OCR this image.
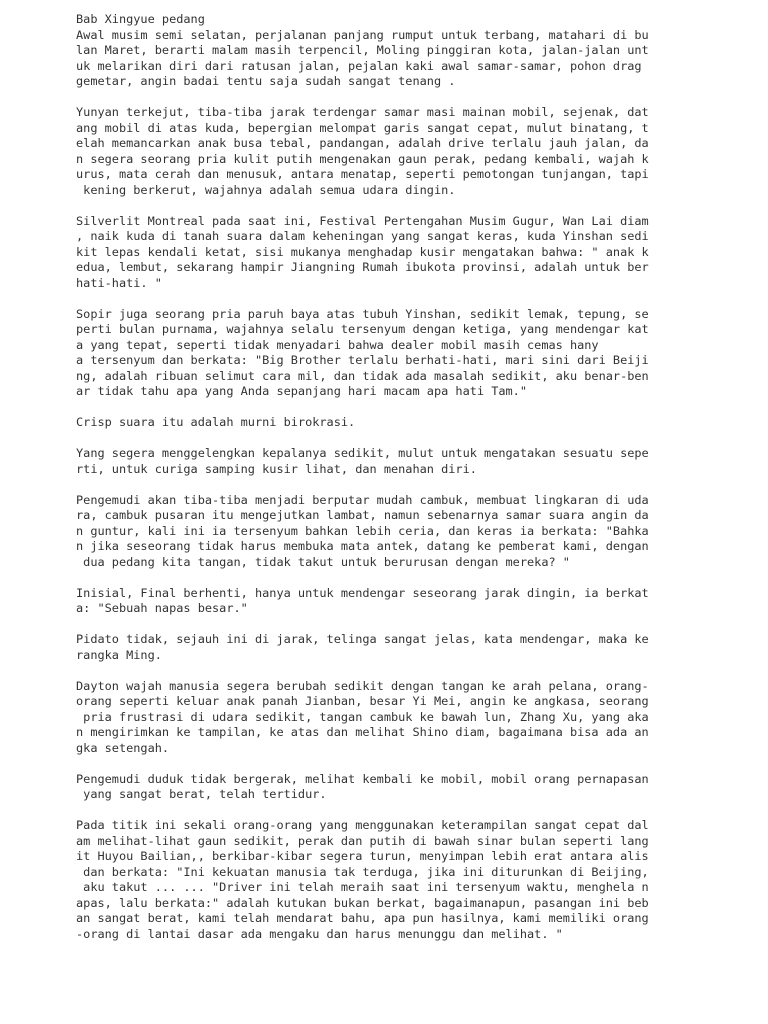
Bab Xingyue pedang
Awal musim semi selatan, perjalanan panjang rumput untuk terbang, matahari di bu
lan Maret, berarti malam masih terpencil, Moling pinggiran kota, jalan-jalan unt
uk melarikan diri dari ratusan jalan, pejalan kaki awal samar-samar, pohon drag
gemetar, angin badai tentu saja sudah sangat tenang .
Yunyan terkejut, tiba-tiba jarak terdengar samar masi mainan mobil, sejenak, dat
ang mobil di atas kuda, bepergian melompat garis sangat cepat, mulut binatang, t
elah memancarkan anak busa tebal, pandangan, adalah drive terlalu jauh jalan, da
n segera seorang pria kulit putih mengenakan gaun perak, pedang kembali, wajah k
urus, mata cerah dan menusuk, antara menatap, seperti pemotongan tunjangan, tapi
kening berkerut, wajahnya adalah semua udara dingin.
Silverlit Montreal pada saat ini, Festival Pertengahan Musim Gugur, Wan Lai diam
, naik kuda di tanah suara dalam keheningan yang sangat keras, kuda Yinshan sedi
kit lepas kendali ketat, sisi mukanya menghadap kusir mengatakan bahwa: " anak k
edua, lembut, sekarang hampir Jiangning Rumah ibukota provinsi, adalah untuk ber
hati-hati. "
Sopir juga seorang pria paruh baya atas tubuh Yinshan, sedikit lemak, tepung, se
perti bulan purnama, wajahnya selalu tersenyum dengan ketiga, yang mendengar kat
a yang tepat, seperti tidak menyadari bahwa dealer mobil masih cemas hany
a tersenyum dan berkata: "Big Brother terlalu berhati-hati, mari sini dari Beiji
ng, adalah ribuan selimut cara mil, dan tidak ada masalah sedikit, aku benar-ben
ar tidak tahu apa yang Anda sepanjang hari macam apa hati Tam."
Crisp suara itu adalah murni birokrasi.
Yang segera menggelengkan kepalanya sedikit, mulut untuk mengatakan sesuatu sepe
rti, untuk curiga samping kusir lihat, dan menahan diri.
Pengemudi akan tiba-tiba menjadi berputar mudah cambuk, membuat lingkaran di uda
ra, cambuk pusaran itu mengejutkan lambat, namun sebenarnya samar suara angin da
n guntur, kali ini ia tersenyum bahkan lebih ceria, dan keras ia berkata: "Bahka
n jika seseorang tidak harus membuka mata antek, datang ke pemberat kami, dengan
dua pedang kita tangan, tidak takut untuk berurusan dengan mereka? "
Inisial, Final berhenti, hanya untuk mendengar seseorang jarak dingin, ia berkat
a: "Sebuah napas besar."
Pidato tidak, sejauh ini di jarak, telinga sangat jelas, kata mendengar, maka ke
rangka Ming.
Dayton wajah manusia segera berubah sedikit dengan tangan ke arah pelana, orang-
orang seperti keluar anak panah Jianban, besar Yi Mei, angin ke angkasa, seorang
pria frustrasi di udara sedikit, tangan cambuk ke bawah lun, Zhang Xu, yang aka
n mengirimkan ke tampilan, ke atas dan melihat Shino diam, bagaimana bisa ada an
gka setengah.
Pengemudi duduk tidak bergerak, melihat kembali ke mobil, mobil orang pernapasan
yang sangat berat, telah tertidur.
Pada titik ini sekali orang-orang yang menggunakan keterampilan sangat cepat dal
am melihat-lihat gaun sedikit, perak dan putih di bawah sinar bulan seperti lang
it Huyou Bailian,, berkibar-kibar segera turun, menyimpan lebih erat antara alis
dan berkata: "Ini kekuatan manusia tak terduga, jika ini diturunkan di Beijing,
aku takut ... ... "Driver ini telah meraih saat ini tersenyum waktu, menghela n
apas, lalu berkata:" adalah kutukan bukan berkat, bagaimanapun, pasangan ini beb
an sangat berat, kami telah mendarat bahu, apa pun hasilnya, kami memiliki orang
-orang di lantai dasar ada mengaku dan harus menunggu dan melihat. "
